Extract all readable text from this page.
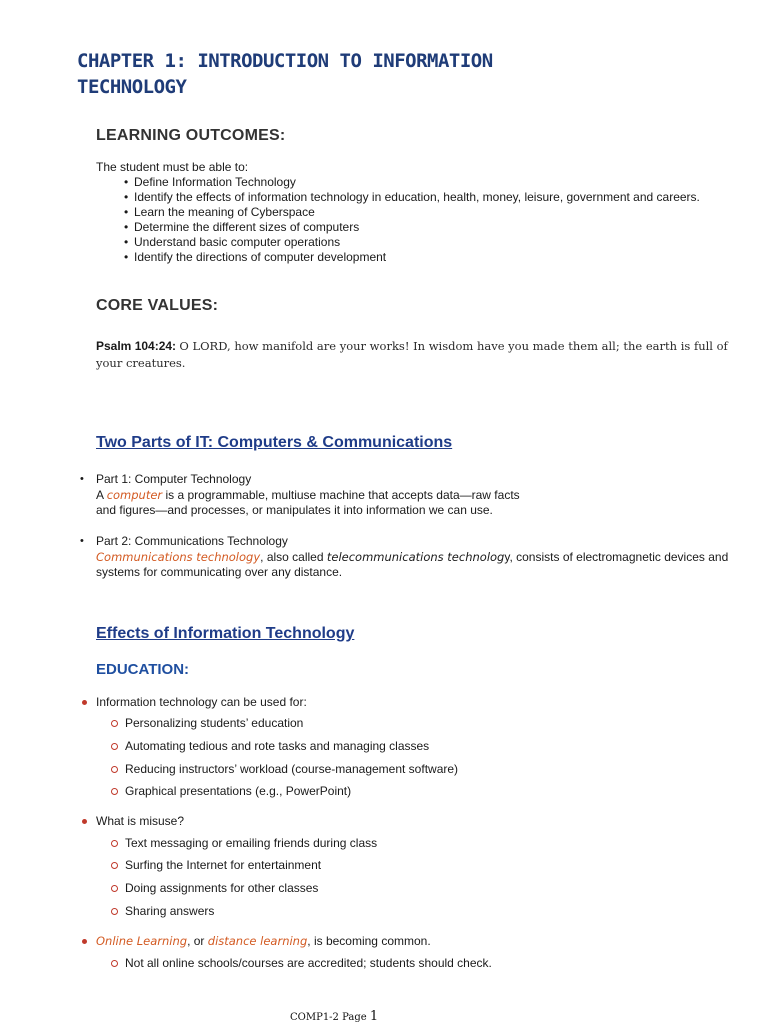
CHAPTER 1: INTRODUCTION TO INFORMATION
TECHNOLOGY
LEARNING OUTCOMES:

The student must be able to:

• Define Information Technology
• Identify the effects of information technology in education, health, money, leisure, government and careers.
• Learn the meaning of Cyberspace
• Determine the different sizes of computers
• Understand basic computer operations
• Identify the directions of computer development
CORE VALUES:

Psalm 104:24: O LORD, how manifold are your works! In wisdom have you made them all; the earth is full of your creatures.

Two Parts of IT: Computers & Communications
• Part 1: Computer Technology
A computer is a programmable, multiuse machine that accepts data—raw facts
and figures—and processes, or manipulates it into information we can use.
• Part 2: Communications Technology
Communications technology, also called telecommunications technology, consists of electromagnetic devices and
systems for communicating over any distance.
Effects of Information Technology
EDUCATION:
Information technology can be used for:
Personalizing students’ education
Automating tedious and rote tasks and managing classes
Reducing instructors’ workload (course-management software)
Graphical presentations (e.g., PowerPoint)
What is misuse?
Text messaging or emailing friends during class
Surfing the Internet for entertainment
Doing assignments for other classes
Sharing answers
Online Learning, or distance learning, is becoming common.
Not all online schools/courses are accredited; students should check.
COMP1-2 Page 1
